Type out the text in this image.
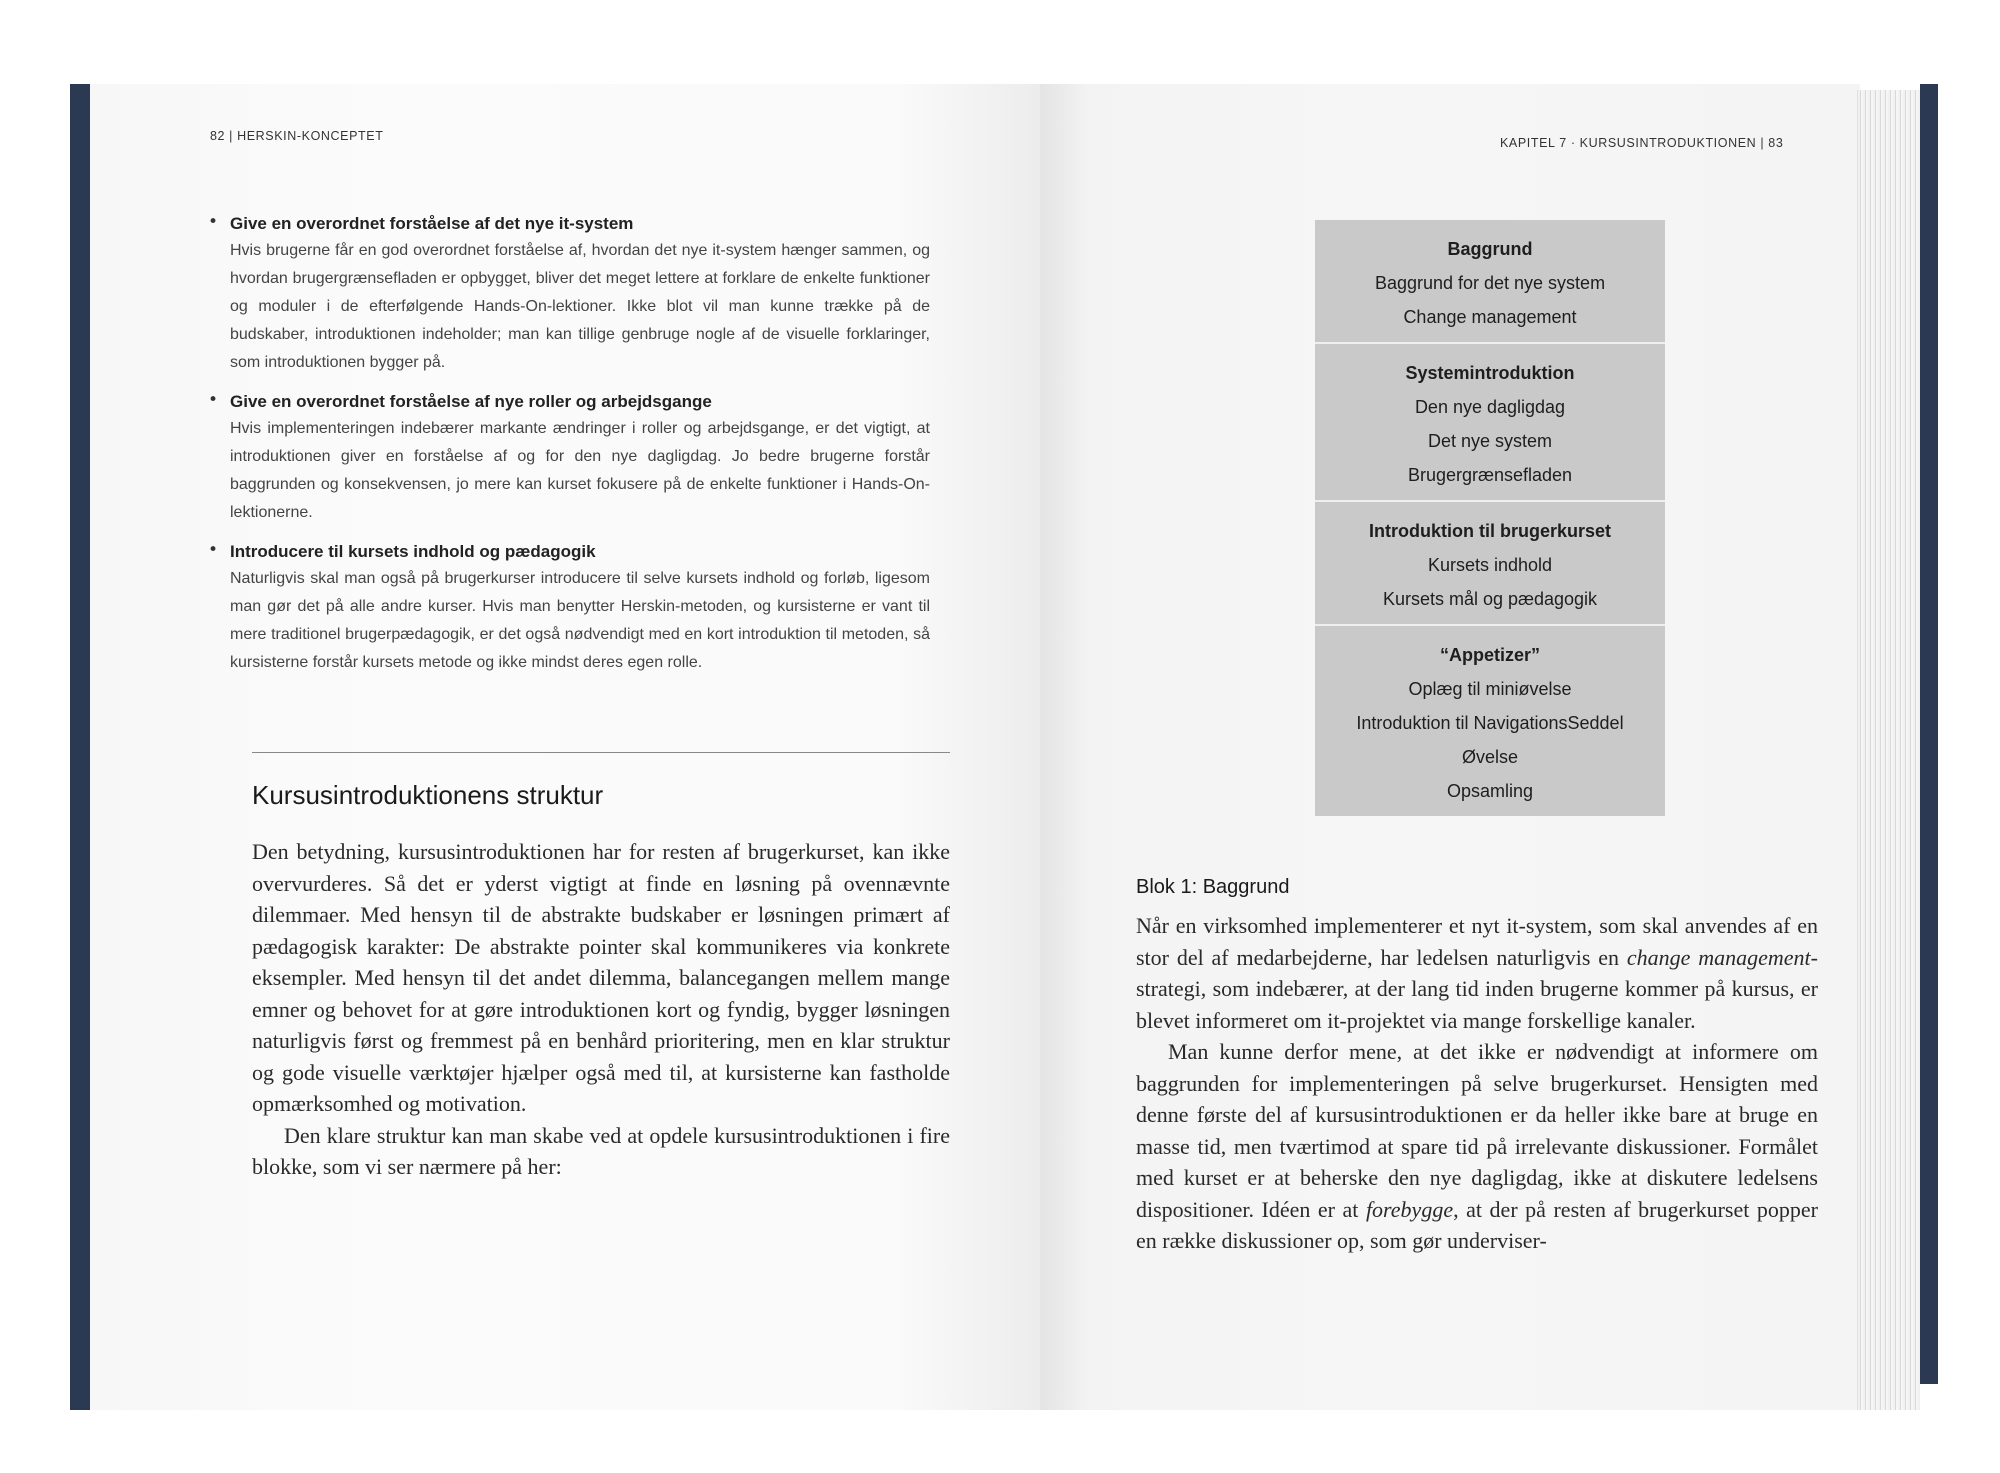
82 | HERSKIN-KONCEPTET
• Give en overordnet forståelse af det nye it-system
Hvis brugerne får en god overordnet forståelse af, hvordan det nye it-system hænger sammen, og hvordan brugergrænsefladen er opbygget, bliver det meget lettere at forklare de enkelte funktioner og moduler i de efterfølgende Hands-On-lektioner. Ikke blot vil man kunne trække på de budskaber, introduktionen indeholder; man kan tillige genbruge nogle af de visuelle forklaringer, som introduktionen bygger på.
• Give en overordnet forståelse af nye roller og arbejdsgange
Hvis implementeringen indebærer markante ændringer i roller og arbejdsgange, er det vigtigt, at introduktionen giver en forståelse af og for den nye dagligdag. Jo bedre brugerne forstår baggrunden og konsekvensen, jo mere kan kurset fokusere på de enkelte funktioner i Hands-On-lektionerne.
• Introducere til kursets indhold og pædagogik
Naturligvis skal man også på brugerkurser introducere til selve kursets indhold og forløb, ligesom man gør det på alle andre kurser. Hvis man benytter Herskin-metoden, og kursisterne er vant til mere traditionel brugerpædagogik, er det også nødvendigt med en kort introduktion til metoden, så kursisterne forstår kursets metode og ikke mindst deres egen rolle.
Kursusintroduktionens struktur

Den betydning, kursusintroduktionen har for resten af brugerkurset, kan ikke overvurderes. Så det er yderst vigtigt at finde en løsning på ovennævnte dilemmaer. Med hensyn til de abstrakte budskaber er løsningen primært af pædagogisk karakter: De abstrakte pointer skal kommunikeres via konkrete eksempler. Med hensyn til det andet dilemma, balancegangen mellem mange emner og behovet for at gøre introduktionen kort og fyndig, bygger løsningen naturligvis først og fremmest på en benhård prioritering, men en klar struktur og gode visuelle værktøjer hjælper også med til, at kursisterne kan fastholde opmærksomhed og motivation.

Den klare struktur kan man skabe ved at opdele kursusintroduktionen i fire blokke, som vi ser nærmere på her:

KAPITEL 7 · KURSUSINTRODUKTIONEN | 83
Baggrund
Baggrund for det nye system
Change management
Systemintroduktion
Den nye dagligdag
Det nye system
Brugergrænsefladen
Introduktion til brugerkurset
Kursets indhold
Kursets mål og pædagogik
“Appetizer”
Oplæg til miniøvelse
Introduktion til NavigationsSeddel
Øvelse
Opsamling
Blok 1: Baggrund

Når en virksomhed implementerer et nyt it-system, som skal anvendes af en stor del af medarbejderne, har ledelsen naturligvis en change management-strategi, som indebærer, at der lang tid inden brugerne kommer på kursus, er blevet informeret om it-projektet via mange forskellige kanaler.

Man kunne derfor mene, at det ikke er nødvendigt at informere om baggrunden for implementeringen på selve brugerkurset. Hensigten med denne første del af kursusintroduktionen er da heller ikke bare at bruge en masse tid, men tværtimod at spare tid på irrelevante diskussioner. Formålet med kurset er at beherske den nye dagligdag, ikke at diskutere ledelsens dispositioner. Idéen er at forebygge, at der på resten af brugerkurset popper en række diskussioner op, som gør underviser-
